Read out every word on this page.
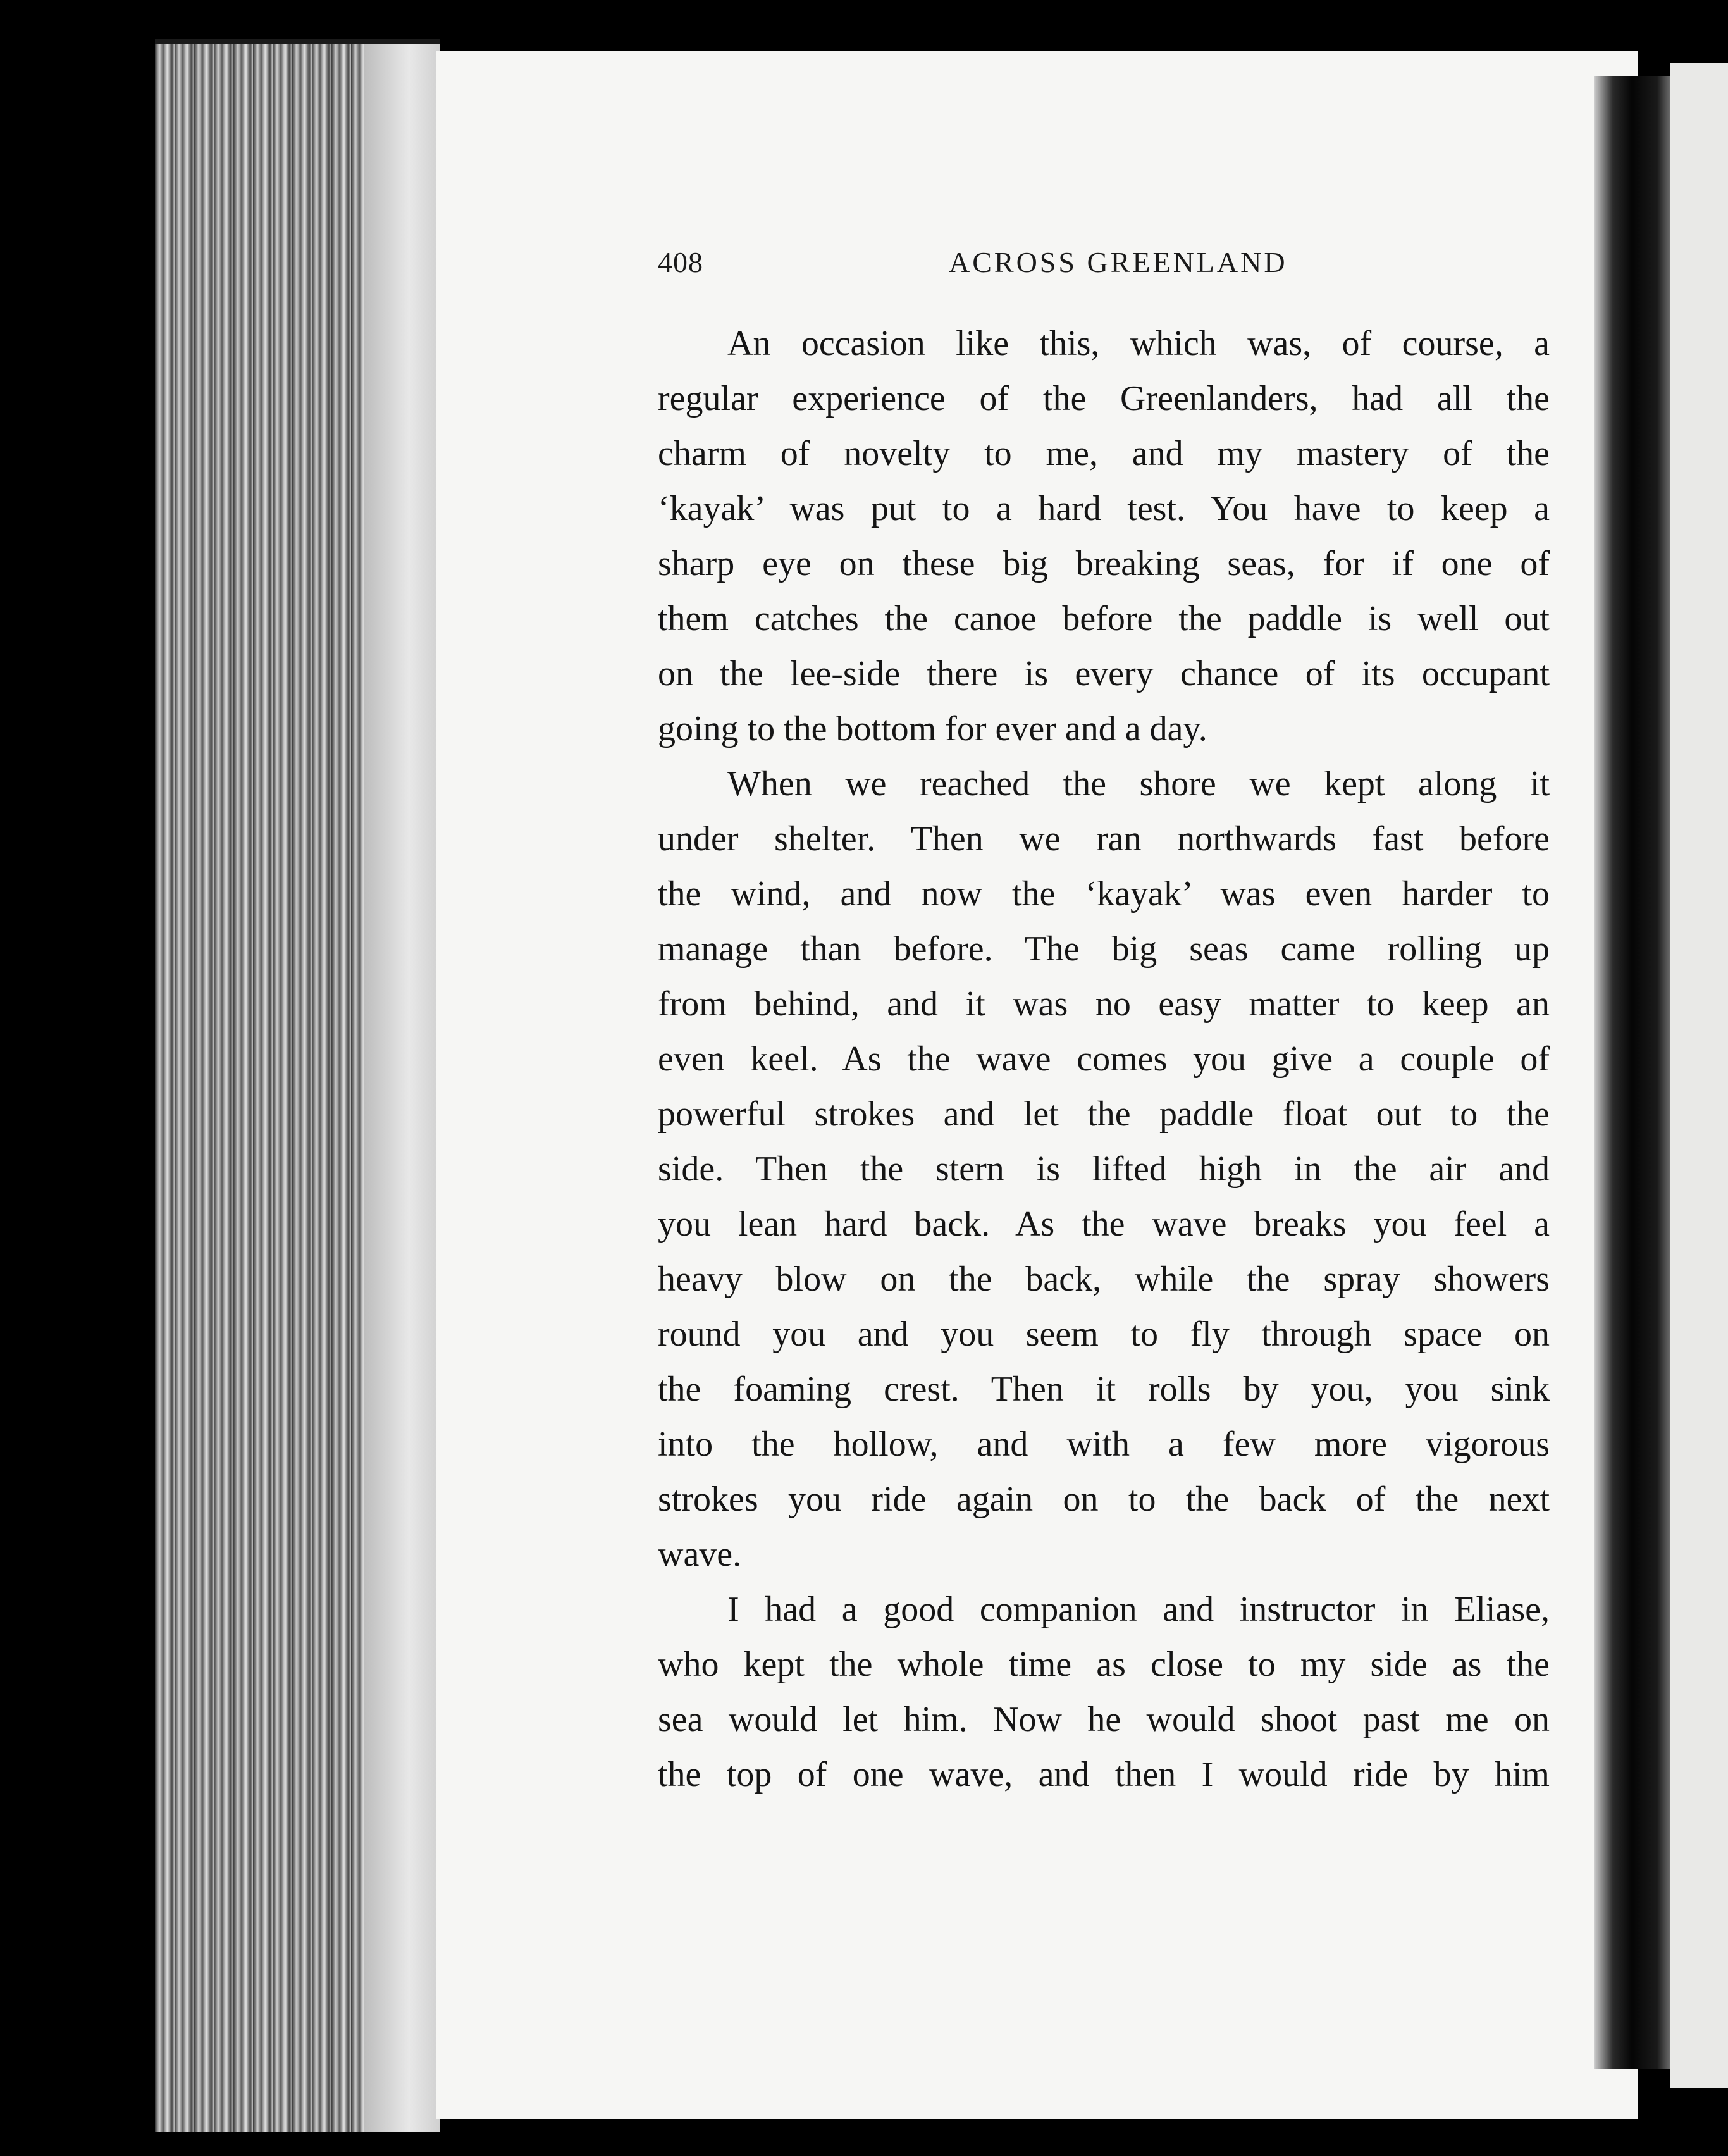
408	ACROSS GREENLAND
An occasion like this, which was, of course, a
regular experience of the Greenlanders, had all the
charm of novelty to me, and my mastery of the
‘kayak’ was put to a hard test. You have to keep a
sharp eye on these big breaking seas, for if one of
them catches the canoe before the paddle is well out
on the lee-side there is every chance of its occupant
going to the bottom for ever and a day.
When we reached the shore we kept along it
under shelter. Then we ran northwards fast before
the wind, and now the ‘kayak’ was even harder to
manage than before. The big seas came rolling up
from behind, and it was no easy matter to keep an
even keel. As the wave comes you give a couple of
powerful strokes and let the paddle float out to the
side. Then the stern is lifted high in the air and
you lean hard back. As the wave breaks you feel a
heavy blow on the back, while the spray showers
round you and you seem to fly through space on
the foaming crest. Then it rolls by you, you sink
into the hollow, and with a few more vigorous
strokes you ride again on to the back of the next
wave.
I had a good companion and instructor in Eliase,
who kept the whole time as close to my side as the
sea would let him. Now he would shoot past me on
the top of one wave, and then I would ride by him
